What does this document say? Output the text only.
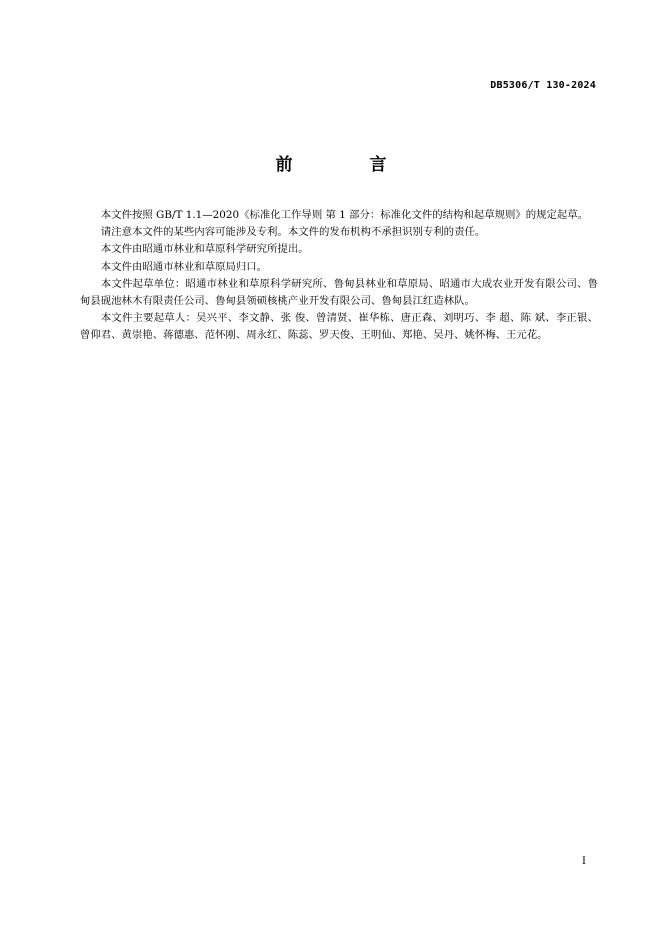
DB5306/T 130-2024
前　言

本文件按照 GB/T 1.1—2020《标准化工作导则 第 1 部分：标准化文件的结构和起草规则》的规定起草。

请注意本文件的某些内容可能涉及专利。本文件的发布机构不承担识别专利的责任。

本文件由昭通市林业和草原科学研究所提出。

本文件由昭通市林业和草原局归口。

本文件起草单位：昭通市林业和草原科学研究所、鲁甸县林业和草原局、昭通市大成农业开发有限公司、鲁甸县砚池林木有限责任公司、鲁甸县领硕核桃产业开发有限公司、鲁甸县江红造林队。

本文件主要起草人：吴兴平、李文静、张 俊、曾清贤、崔华栋、唐正森、刘明巧、李 超、陈 斌、李正银、曾仰君、黄崇艳、蒋德惠、范怀刚、周永红、陈蕊、罗天俊、王明仙、郑艳、吴丹、姚怀梅、王元花。

I
